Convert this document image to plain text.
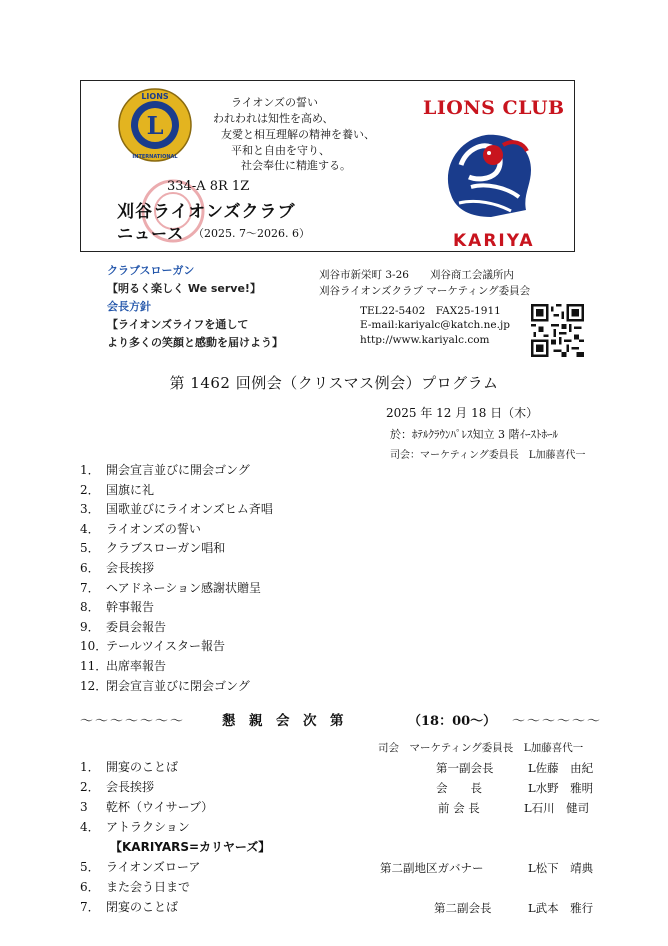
L
LIONS
INTERNATIONAL
ライオンズの誓い
われわれは知性を高め、
友愛と相互理解の精神を養い、
平和と自由を守り、
社会奉仕に精進する。
334-A 8R 1Z
刈谷ライオンズクラブ
ニュース （2025. 7～2026. 6）
LIONS CLUB
KARIYA
クラブスローガン
【明るく楽しく We serve!】
会長方針
【ライオンズライフを通して
より多くの笑顔と感動を届けよう】
刈谷市新栄町 3-26　　刈谷商工会議所内
刈谷ライオンズクラブ マーケティング委員会
TEL22-5402　FAX25-1911
E-mail:kariyalc@katch.ne.jp
http://www.kariyalc.com
第 1462 回例会（クリスマス例会）プログラム
2025 年 12 月 18 日（木）
於：ﾎﾃﾙｸﾗｳﾝﾊﾟﾚｽ知立 3 階ｲｰｽﾄﾎｰﾙ
司会：マーケティング委員長　L加藤喜代一
1． 開会宣言並びに開会ゴング
2． 国旗に礼
3． 国歌並びにライオンズヒム斉唱
4． ライオンズの誓い
5． クラブスローガン唱和
6． 会長挨拶
7． ヘアドネーション感謝状贈呈
8． 幹事報告
9． 委員会報告
10．テールツイスター報告
11．出席率報告
12．閉会宣言並びに閉会ゴング
～～～～～～～	懇　親　会　次　第	（18：00～） ～～～～～～
司会　マーケティング委員長　L加藤喜代一
1． 開宴のことば	第一副会長	L佐藤　由紀
2． 会長挨拶	会　　長	L水野　雅明
3 乾杯（ウイサーブ）	前 会 長	L石川　健司
4． アトラクション
【KARIYARS=カリヤーズ】
5． ライオンズローア	第二副地区ガバナー	L松下　靖典
6． また会う日まで
7． 閉宴のことば	第二副会長	L武本　雅行
